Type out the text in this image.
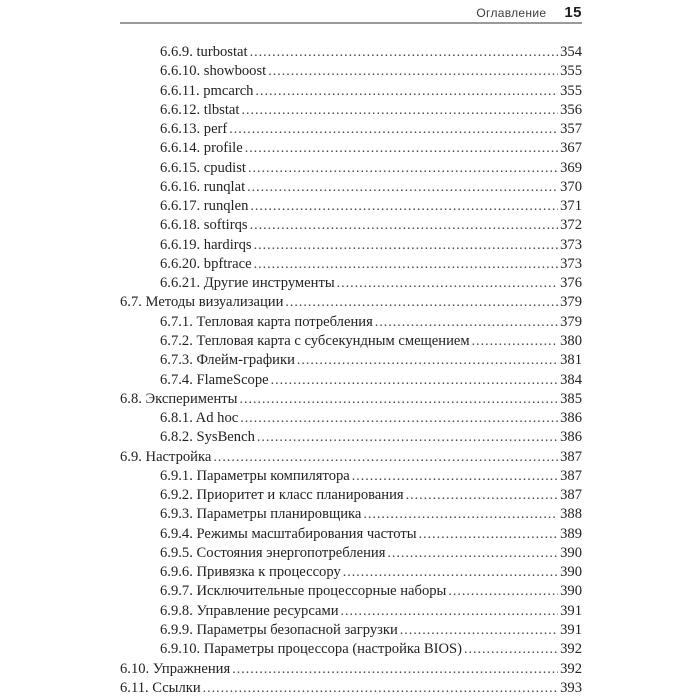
Оглавление 15
6.6.9. turbostat .....	354
6.6.10. showboost .....	355
6.6.11. pmcarch .....	355
6.6.12. tlbstat .....	356
6.6.13. perf .....	357
6.6.14. profile .....	367
6.6.15. cpudist .....	369
6.6.16. runqlat .....	370
6.6.17. runqlen .....	371
6.6.18. softirqs .....	372
6.6.19. hardirqs .....	373
6.6.20. bpftrace .....	373
6.6.21. Другие инструменты .....	376
6.7. Методы визуализации .....	379
6.7.1. Тепловая карта потребления .....	379
6.7.2. Тепловая карта с субсекундным смещением .....	380
6.7.3. Флейм-графики .....	381
6.7.4. FlameScope .....	384
6.8. Эксперименты .....	385
6.8.1. Ad hoc .....	386
6.8.2. SysBench .....	386
6.9. Настройка .....	387
6.9.1. Параметры компилятора .....	387
6.9.2. Приоритет и класс планирования .....	387
6.9.3. Параметры планировщика .....	388
6.9.4. Режимы масштабирования частоты .....	389
6.9.5. Состояния энергопотребления .....	390
6.9.6. Привязка к процессору .....	390
6.9.7. Исключительные процессорные наборы .....	390
6.9.8. Управление ресурсами .....	391
6.9.9. Параметры безопасной загрузки .....	391
6.9.10. Параметры процессора (настройка BIOS) .....	392
6.10. Упражнения .....	392
6.11. Ссылки .....	393
